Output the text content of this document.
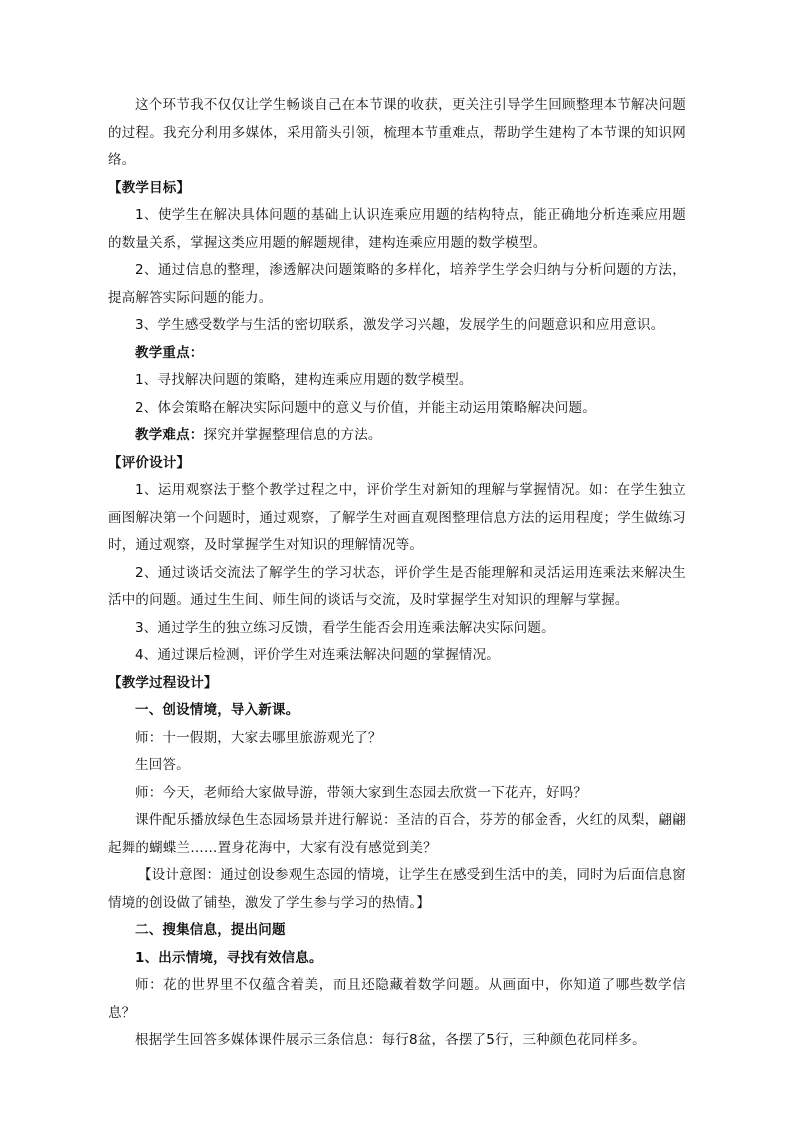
这个环节我不仅仅让学生畅谈自己在本节课的收获，更关注引导学生回顾整理本节解决问题的过程。我充分利用多媒体，采用箭头引领，梳理本节重难点，帮助学生建构了本节课的知识网络。

【教学目标】

1、使学生在解决具体问题的基础上认识连乘应用题的结构特点，能正确地分析连乘应用题的数量关系，掌握这类应用题的解题规律，建构连乘应用题的数学模型。

2、通过信息的整理，渗透解决问题策略的多样化，培养学生学会归纳与分析问题的方法，提高解答实际问题的能力。

3、学生感受数学与生活的密切联系，激发学习兴趣，发展学生的问题意识和应用意识。

教学重点：

1、寻找解决问题的策略，建构连乘应用题的数学模型。

2、体会策略在解决实际问题中的意义与价值，并能主动运用策略解决问题。

教学难点：探究并掌握整理信息的方法。

【评价设计】

1、运用观察法于整个教学过程之中，评价学生对新知的理解与掌握情况。如：在学生独立画图解决第一个问题时，通过观察，了解学生对画直观图整理信息方法的运用程度；学生做练习时，通过观察，及时掌握学生对知识的理解情况等。

2、通过谈话交流法了解学生的学习状态，评价学生是否能理解和灵活运用连乘法来解决生活中的问题。通过生生间、师生间的谈话与交流，及时掌握学生对知识的理解与掌握。

3、通过学生的独立练习反馈，看学生能否会用连乘法解决实际问题。

4、通过课后检测，评价学生对连乘法解决问题的掌握情况。

【教学过程设计】

一、创设情境，导入新课。

师：十一假期，大家去哪里旅游观光了？

生回答。

师：今天，老师给大家做导游，带领大家到生态园去欣赏一下花卉，好吗？

课件配乐播放绿色生态园场景并进行解说：圣洁的百合，芬芳的郁金香，火红的凤梨，翩翩起舞的蝴蝶兰……置身花海中，大家有没有感觉到美？

【设计意图：通过创设参观生态园的情境，让学生在感受到生活中的美，同时为后面信息窗情境的创设做了铺垫，激发了学生参与学习的热情。】

二、搜集信息，提出问题

1、出示情境，寻找有效信息。

师：花的世界里不仅蕴含着美，而且还隐藏着数学问题。从画面中，你知道了哪些数学信息？

根据学生回答多媒体课件展示三条信息：每行8盆，各摆了5行，三种颜色花同样多。
